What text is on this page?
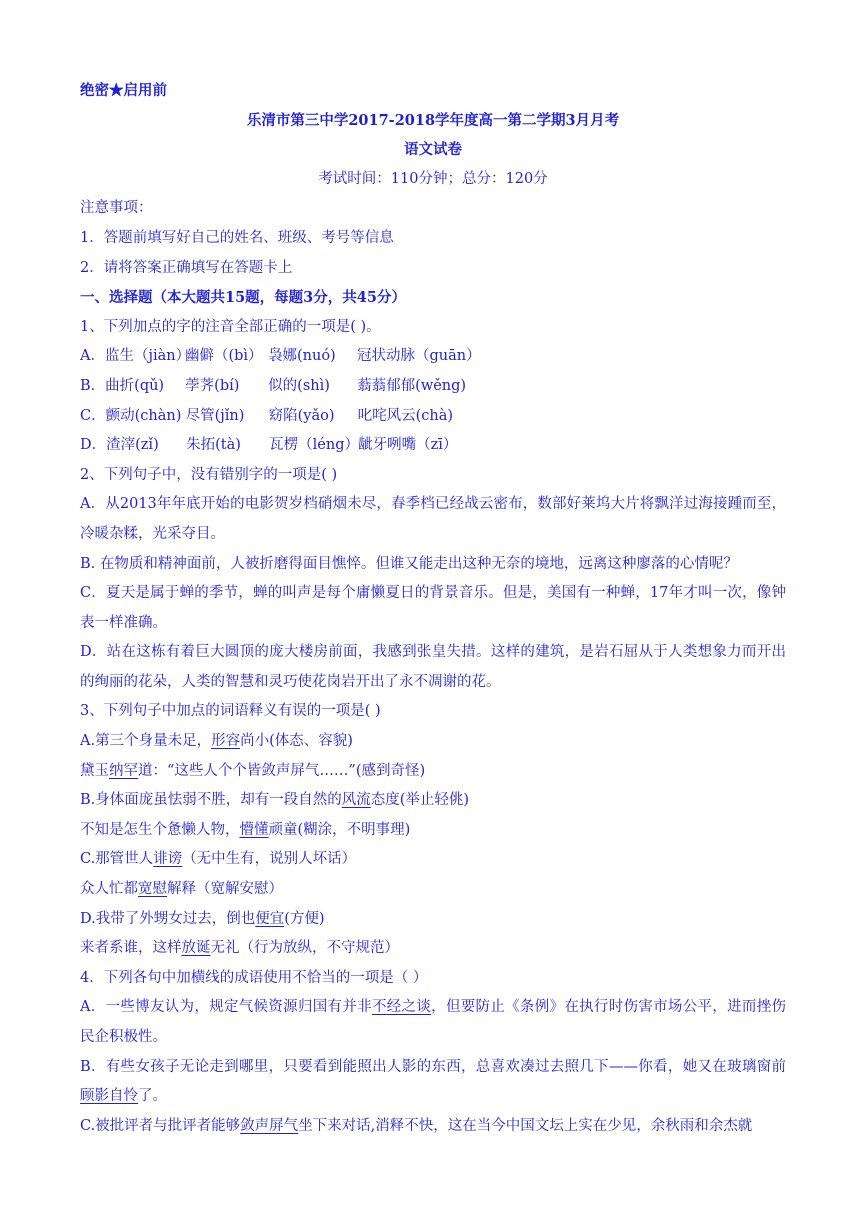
绝密★启用前
乐清市第三中学2017-2018学年度高一第二学期3月月考
语文试卷
考试时间：110分钟；总分：120分
注意事项：
1．答题前填写好自己的姓名、班级、考号等信息
2．请将答案正确填写在答题卡上
一、选择题（本大题共15题，每题3分，共45分）
1、下列加点的字的注音全部正确的一项是( )。
A．监生（jiàn）幽僻（(bì） 袅娜(nuó) 冠状动脉（guān）
B．曲折(qǔ) 荸荠(bí) 似的(shì) 蓊蓊郁郁(wěng)
C．颤动(chàn) 尽管(jǐn) 窈陷(yǎo) 叱咤风云(chà)
D．渣滓(zǐ) 朱拓(tà) 瓦楞（léng）龇牙咧嘴（zī）
2、下列句子中，没有错别字的一项是( )
A．从2013年年底开始的电影贺岁档硝烟未尽，春季档已经战云密布，数部好莱坞大片将飘洋过海接踵而至，冷暖杂糅，光采夺目。
B. 在物质和精神面前，人被折磨得面目憔悴。但谁又能走出这种无奈的境地，远离这种廖落的心情呢？
C．夏天是属于蝉的季节，蝉的叫声是每个庸懒夏日的背景音乐。但是，美国有一种蝉，17年才叫一次，像钟表一样准确。
D．站在这栋有着巨大圆顶的庞大楼房前面，我感到张皇失措。这样的建筑，是岩石屈从于人类想象力而开出的绚丽的花朵，人类的智慧和灵巧使花岗岩开出了永不凋谢的花。
3、下列句子中加点的词语释义有误的一项是( )
A.第三个身量未足，形容尚小(体态、容貌)
黛玉纳罕道：“这些人个个皆敛声屏气……”(感到奇怪)
B.身体面庞虽怯弱不胜，却有一段自然的风流态度(举止轻佻)
不知是怎生个惫懒人物，懵懂顽童(糊涂，不明事理)
C.那管世人诽谤（无中生有，说别人坏话）
众人忙都宽慰解释（宽解安慰）
D.我带了外甥女过去，倒也便宜(方便)
来者系谁，这样放诞无礼（行为放纵，不守规范）
4．下列各句中加横线的成语使用不恰当的一项是（ ）
A．一些博友认为，规定气候资源归国有并非不经之谈，但要防止《条例》在执行时伤害市场公平，进而挫伤民企积极性。
B．有些女孩子无论走到哪里，只要看到能照出人影的东西，总喜欢凑过去照几下——你看，她又在玻璃窗前顾影自怜了。
C.被批评者与批评者能够敛声屏气坐下来对话,消释不快，这在当今中国文坛上实在少见，余秋雨和余杰就
